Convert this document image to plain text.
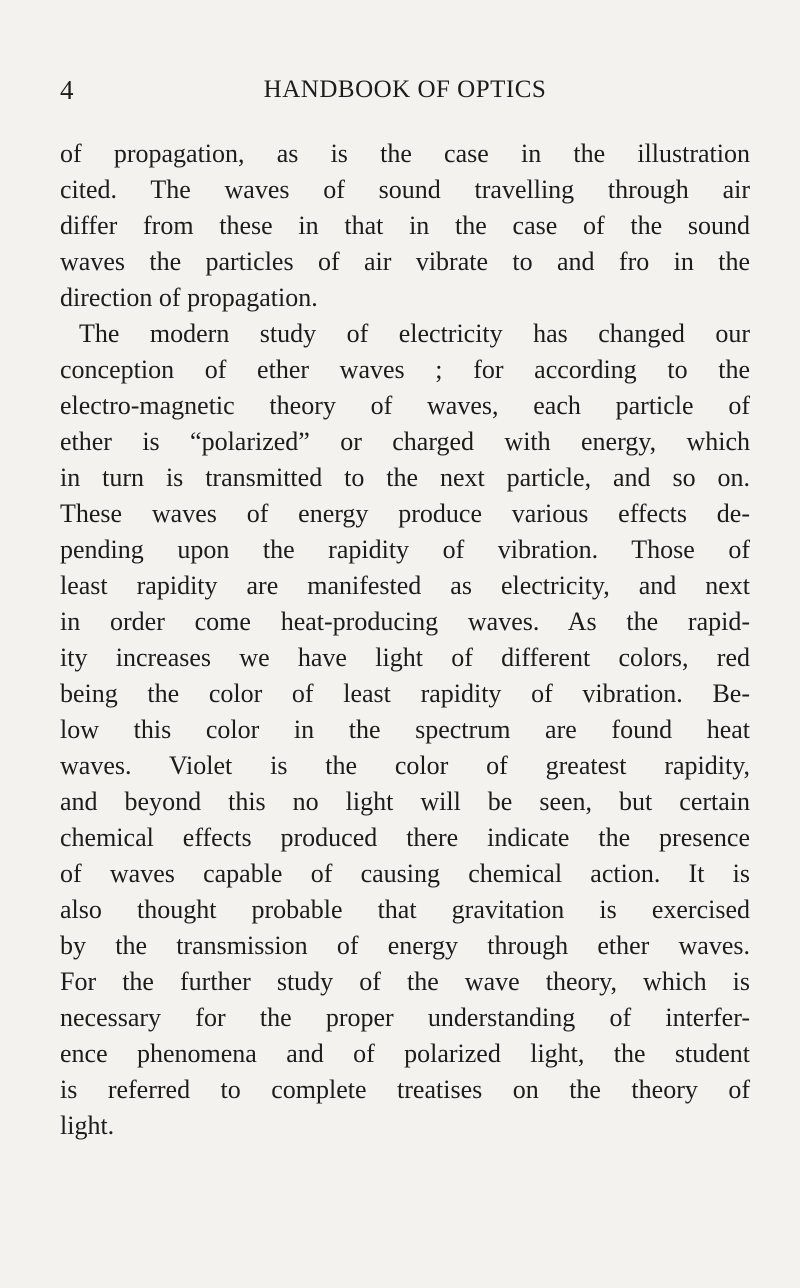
4	HANDBOOK OF OPTICS
of propagation, as is the case in the illustration
cited. The waves of sound travelling through air
differ from these in that in the case of the sound
waves the particles of air vibrate to and fro in the
direction of propagation.
The modern study of electricity has changed our
conception of ether waves ; for according to the
electro-magnetic theory of waves, each particle of
ether is “polarized” or charged with energy, which
in turn is transmitted to the next particle, and so on.
These waves of energy produce various effects de-
pending upon the rapidity of vibration. Those of
least rapidity are manifested as electricity, and next
in order come heat-producing waves. As the rapid-
ity increases we have light of different colors, red
being the color of least rapidity of vibration. Be-
low this color in the spectrum are found heat
waves. Violet is the color of greatest rapidity,
and beyond this no light will be seen, but certain
chemical effects produced there indicate the presence
of waves capable of causing chemical action. It is
also thought probable that gravitation is exercised
by the transmission of energy through ether waves.
For the further study of the wave theory, which is
necessary for the proper understanding of interfer-
ence phenomena and of polarized light, the student
is referred to complete treatises on the theory of
light.
